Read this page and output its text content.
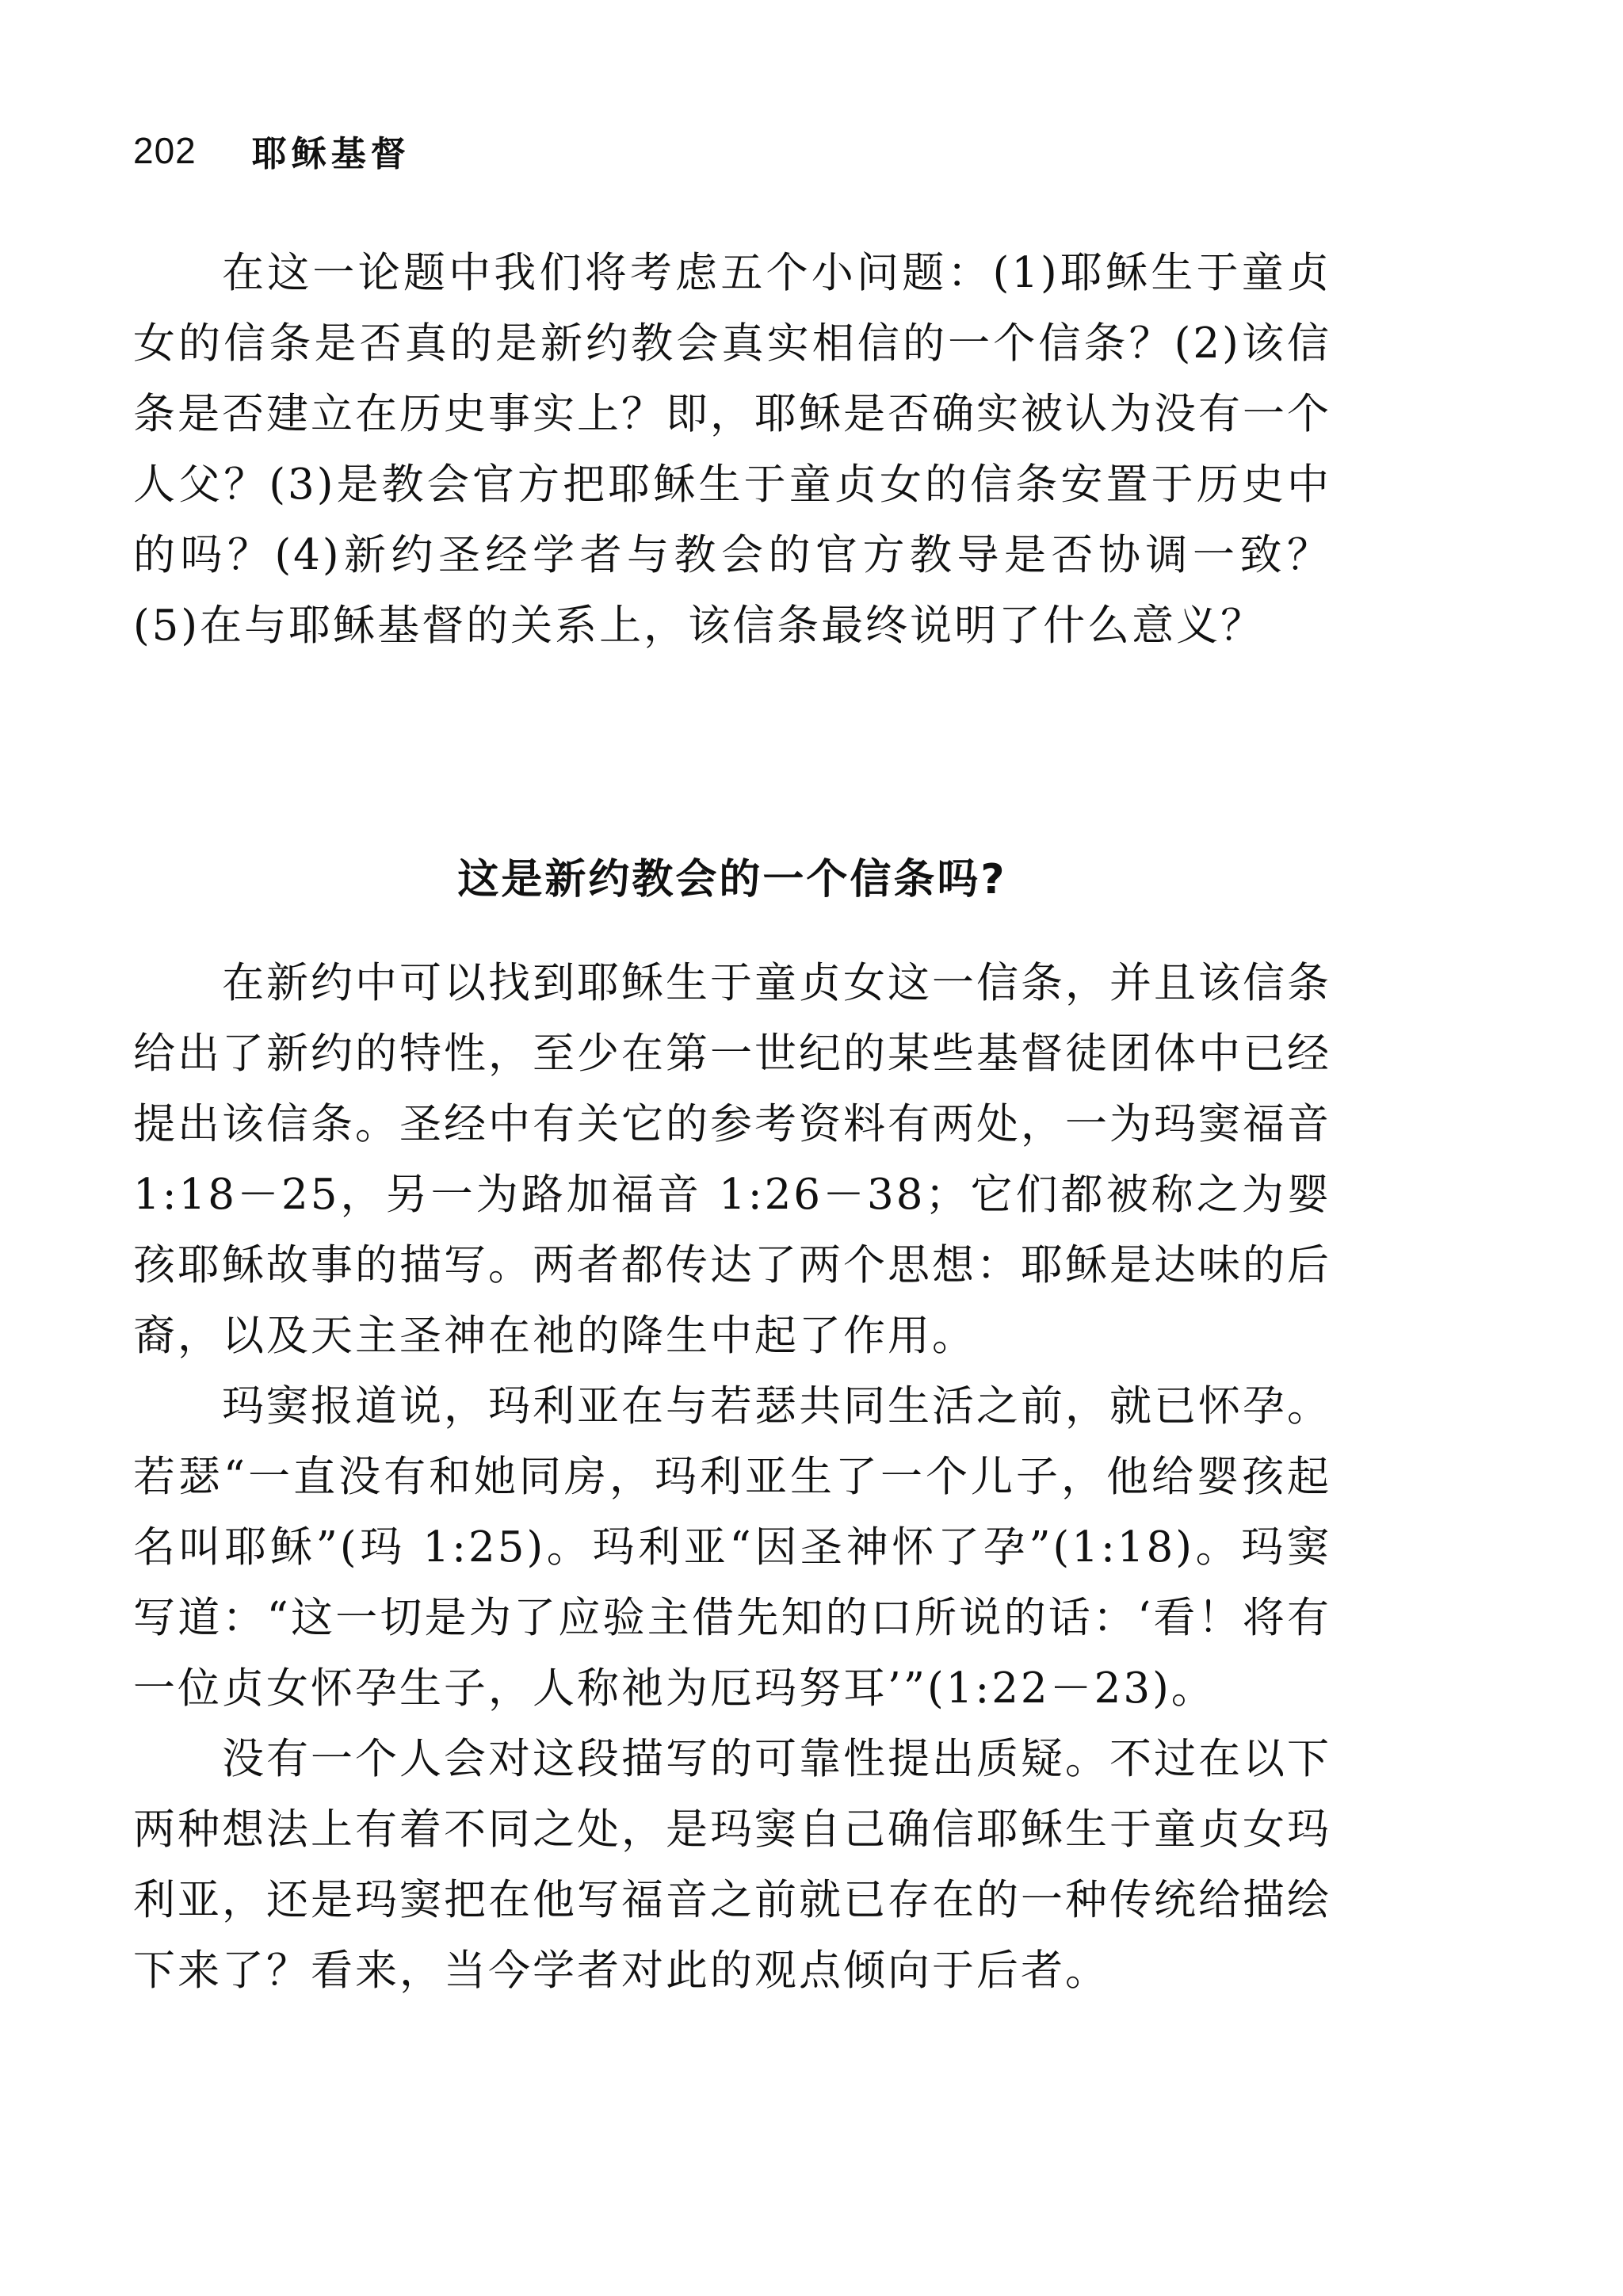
202 耶稣基督

在这一论题中我们将考虑五个小问题：(1)耶稣生于童贞女的信条是否真的是新约教会真实相信的一个信条？(2)该信条是否建立在历史事实上？即，耶稣是否确实被认为没有一个人父？(3)是教会官方把耶稣生于童贞女的信条安置于历史中的吗？(4)新约圣经学者与教会的官方教导是否协调一致？(5)在与耶稣基督的关系上，该信条最终说明了什么意义？

这是新约教会的一个信条吗?

在新约中可以找到耶稣生于童贞女这一信条，并且该信条给出了新约的特性，至少在第一世纪的某些基督徒团体中已经提出该信条。圣经中有关它的参考资料有两处，一为玛窦福音 1:18－25，另一为路加福音 1:26－38；它们都被称之为婴孩耶稣故事的描写。两者都传达了两个思想：耶稣是达味的后裔，以及天主圣神在祂的降生中起了作用。

玛窦报道说，玛利亚在与若瑟共同生活之前，就已怀孕。若瑟“一直没有和她同房，玛利亚生了一个儿子，他给婴孩起名叫耶稣”(玛 1:25)。玛利亚“因圣神怀了孕”(1:18)。玛窦写道：“这一切是为了应验主借先知的口所说的话：‘看！将有一位贞女怀孕生子，人称祂为厄玛努耳’”(1:22－23)。

没有一个人会对这段描写的可靠性提出质疑。不过在以下两种想法上有着不同之处，是玛窦自己确信耶稣生于童贞女玛利亚，还是玛窦把在他写福音之前就已存在的一种传统给描绘下来了？看来，当今学者对此的观点倾向于后者。
